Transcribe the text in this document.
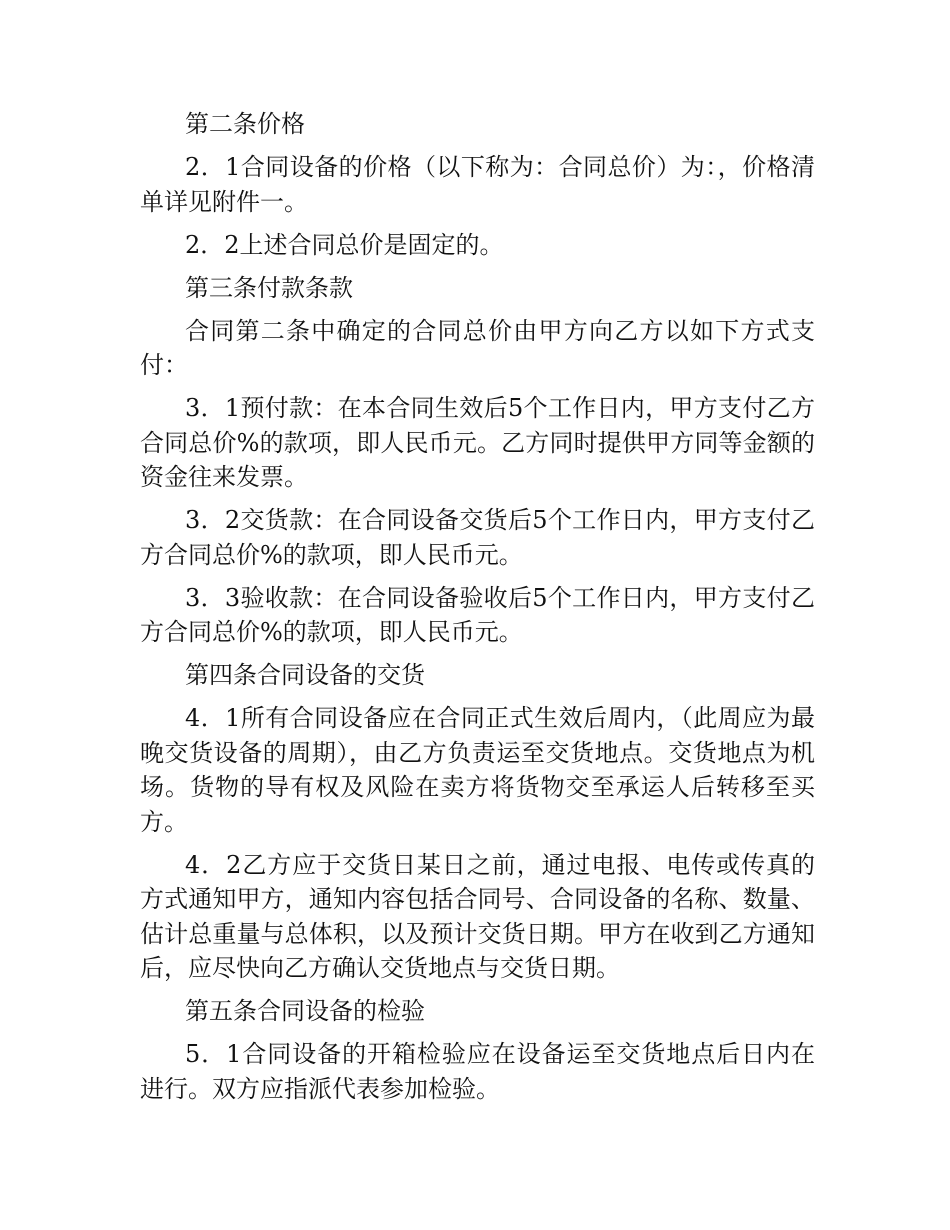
第二条价格

2．1合同设备的价格（以下称为：合同总价）为：，价格清单详见附件一。

2．2上述合同总价是固定的。

第三条付款条款

合同第二条中确定的合同总价由甲方向乙方以如下方式支付：

3．1预付款：在本合同生效后5个工作日内，甲方支付乙方合同总价%的款项，即人民币元。乙方同时提供甲方同等金额的资金往来发票。

3．2交货款：在合同设备交货后5个工作日内，甲方支付乙方合同总价%的款项，即人民币元。

3．3验收款：在合同设备验收后5个工作日内，甲方支付乙方合同总价%的款项，即人民币元。

第四条合同设备的交货

4．1所有合同设备应在合同正式生效后周内，（此周应为最晚交货设备的周期），由乙方负责运至交货地点。交货地点为机场。货物的导有权及风险在卖方将货物交至承运人后转移至买方。

4．2乙方应于交货日某日之前，通过电报、电传或传真的方式通知甲方，通知内容包括合同号、合同设备的名称、数量、估计总重量与总体积，以及预计交货日期。甲方在收到乙方通知后，应尽快向乙方确认交货地点与交货日期。

第五条合同设备的检验

5．1合同设备的开箱检验应在设备运至交货地点后日内在进行。双方应指派代表参加检验。
